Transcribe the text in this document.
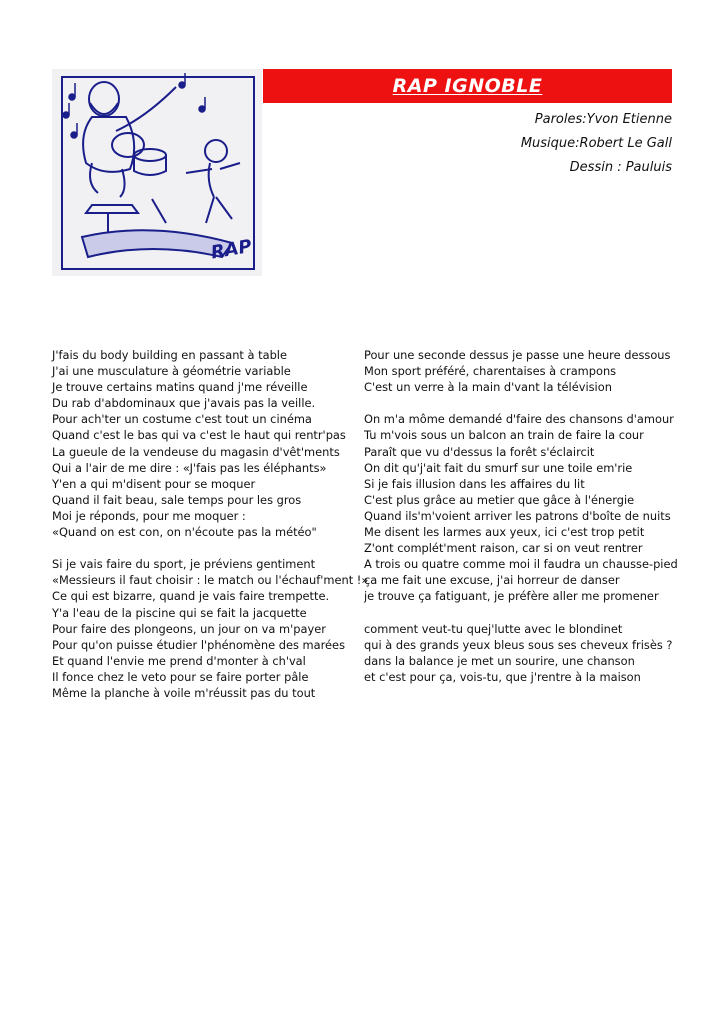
RAP
RAP IGNOBLE
Paroles:Yvon Etienne
Musique:Robert Le Gall
Dessin : Pauluis
J'fais du body building en passant à table
J'ai une musculature à géométrie variable
Je trouve certains matins quand j'me réveille
Du rab d'abdominaux que j'avais pas la veille.
Pour ach'ter un costume c'est tout un cinéma
Quand c'est le bas qui va c'est le haut qui rentr'pas
La gueule de la vendeuse du magasin d'vêt'ments
Qui a l'air de me dire : «J'fais pas les éléphants»
Y'en a qui m'disent pour se moquer
Quand il fait beau, sale temps pour les gros
Moi je réponds, pour me moquer :
«Quand on est con, on n'écoute pas la météo"
Si je vais faire du sport, je préviens gentiment
«Messieurs il faut choisir : le match ou l'échauf'ment !»
Ce qui est bizarre, quand je vais faire trempette.
Y'a l'eau de la piscine qui se fait la jacquette
Pour faire des plongeons, un jour on va m'payer
Pour qu'on puisse étudier l'phénomène des marées
Et quand l'envie me prend d'monter à ch'val
Il fonce chez le veto pour se faire porter pâle
Même la planche à voile m'réussit pas du tout
Pour une seconde dessus je passe une heure dessous
Mon sport préféré, charentaises à crampons
C'est un verre à la main d'vant la télévision
On m'a môme demandé d'faire des chansons d'amour
Tu m'vois sous un balcon an train de faire la cour
Paraît que vu d'dessus la forêt s'éclaircit
On dit qu'j'ait fait du smurf sur une toile em'rie
Si je fais illusion dans les affaires du lit
C'est plus grâce au metier que gâce à l'énergie
Quand ils'm'voient arriver les patrons d'boîte de nuits
Me disent les larmes aux yeux, ici c'est trop petit
Z'ont complét'ment raison, car si on veut rentrer
A trois ou quatre comme moi il faudra un chausse-pied
ça me fait une excuse, j'ai horreur de danser
je trouve ça fatiguant, je préfère aller me promener
comment veut-tu quej'lutte avec le blondinet
qui à des grands yeux bleus sous ses cheveux frisès ?
dans la balance je met un sourire, une chanson
et c'est pour ça, vois-tu, que j'rentre à la maison
